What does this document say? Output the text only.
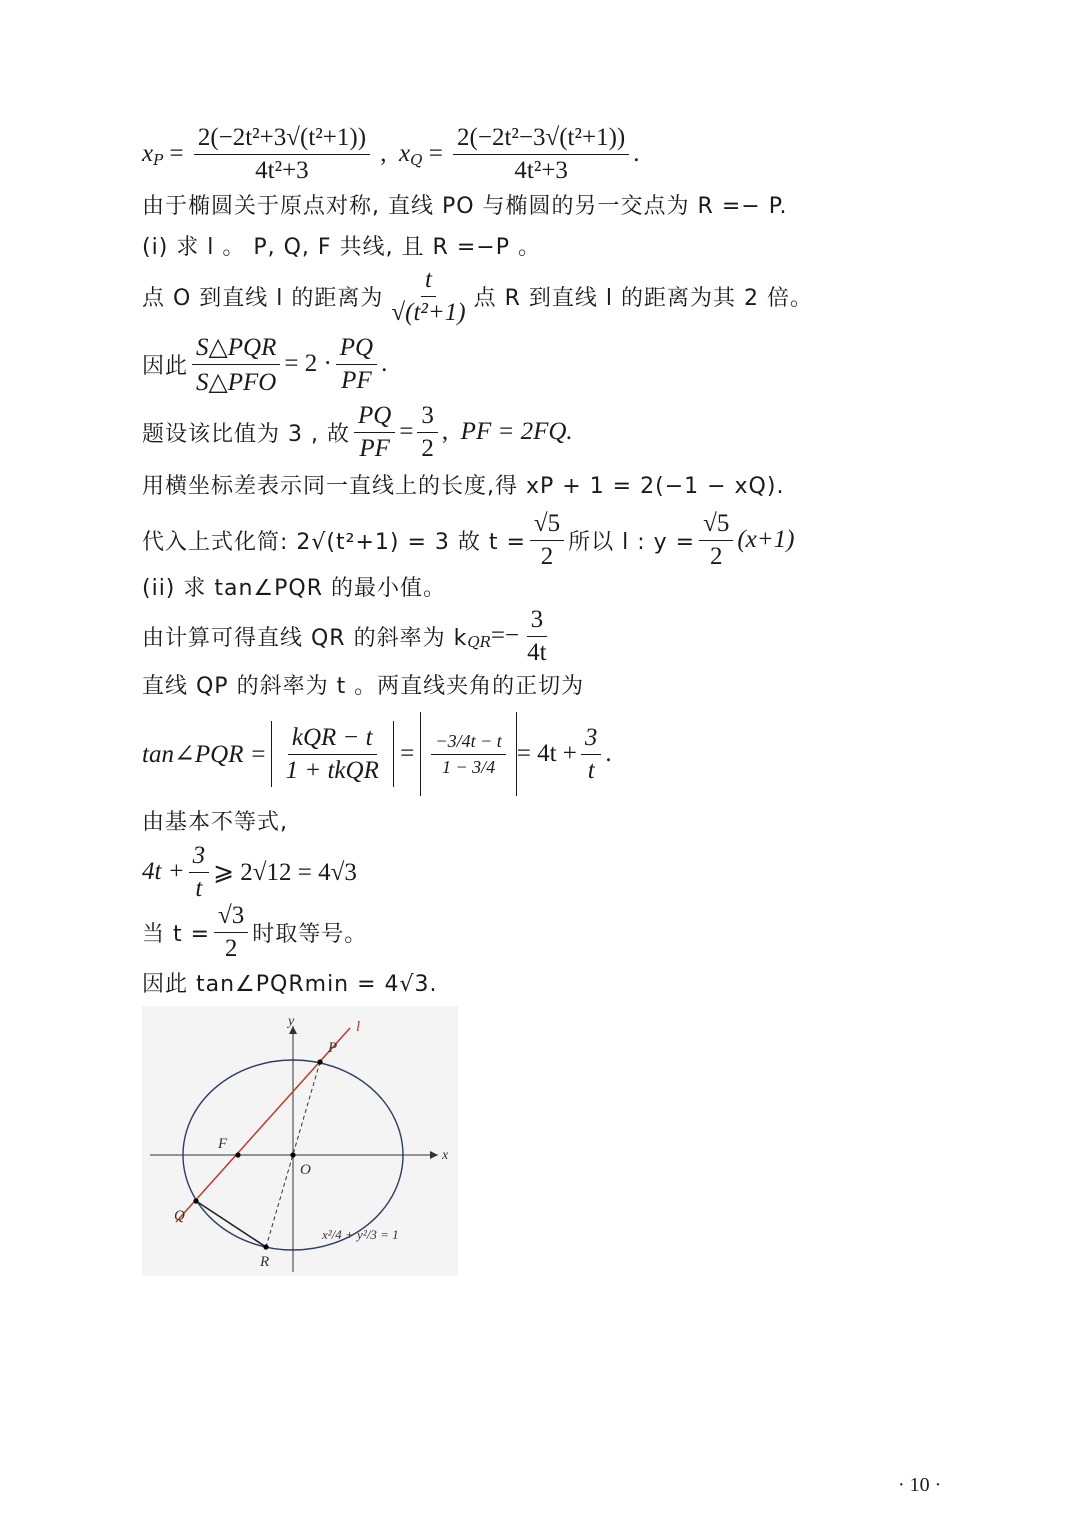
x $P = \frac{\text{2(−2t²+3√(t²+1))}}{\text{4t²+3}}$ , x $Q = \frac{\text{2(−2t²−3√(t²+1))}}{\text{4t²+3}}$ .
由于椭圆关于原点对称, 直线 PO 与椭圆的另一交点为 R =− P.
(i) 求 l 。 P, Q, F 共线, 且 R =−P 。
点 O 到直线 l 的距离为 $\frac{t}{\text{√(t²+1)}}$ 点 R 到直线 l 的距离为其 2 倍。
因此 $\frac{\text{S△PQR}}{\text{S△PFO}} = 2 \cdot \frac{PQ}{PF}$ .
题设该比值为 3 , 故 $\frac{PQ}{PF} = \frac{3}{2}$ , PF = 2FQ.
用横坐标差表示同一直线上的长度,得 xP + 1 = 2(−1 − xQ).
代入上式化简: 2√(t²+1) = 3 故 $t = \frac{√5}{2}$ 所以 l : $y = \frac{√5}{2} (x+1)$
(ii) 求 tan∠PQR 的最小值。
由计算可得直线 QR 的斜率为 k QR =− $\frac{3}{4t}$
直线 QP 的斜率为 t 。两直线夹角的正切为
tan∠PQR = $\frac{\text{kQR − t}}{\text{1 + tkQR}} = \frac{-3/4t - t}{1 - 3/4} = 4t + \frac{3}{t}$ .
由基本不等式,
$4t + \frac{3}{t}$ ⩾ 2√12 = 4√3
当 $t = \frac{√3}{2}$ 时取等号。
因此 tan∠PQRmin = 4√3.
y
x
l
P
F
O
Q
R
x²/4 + y²/3 = 1
· 10 ·
